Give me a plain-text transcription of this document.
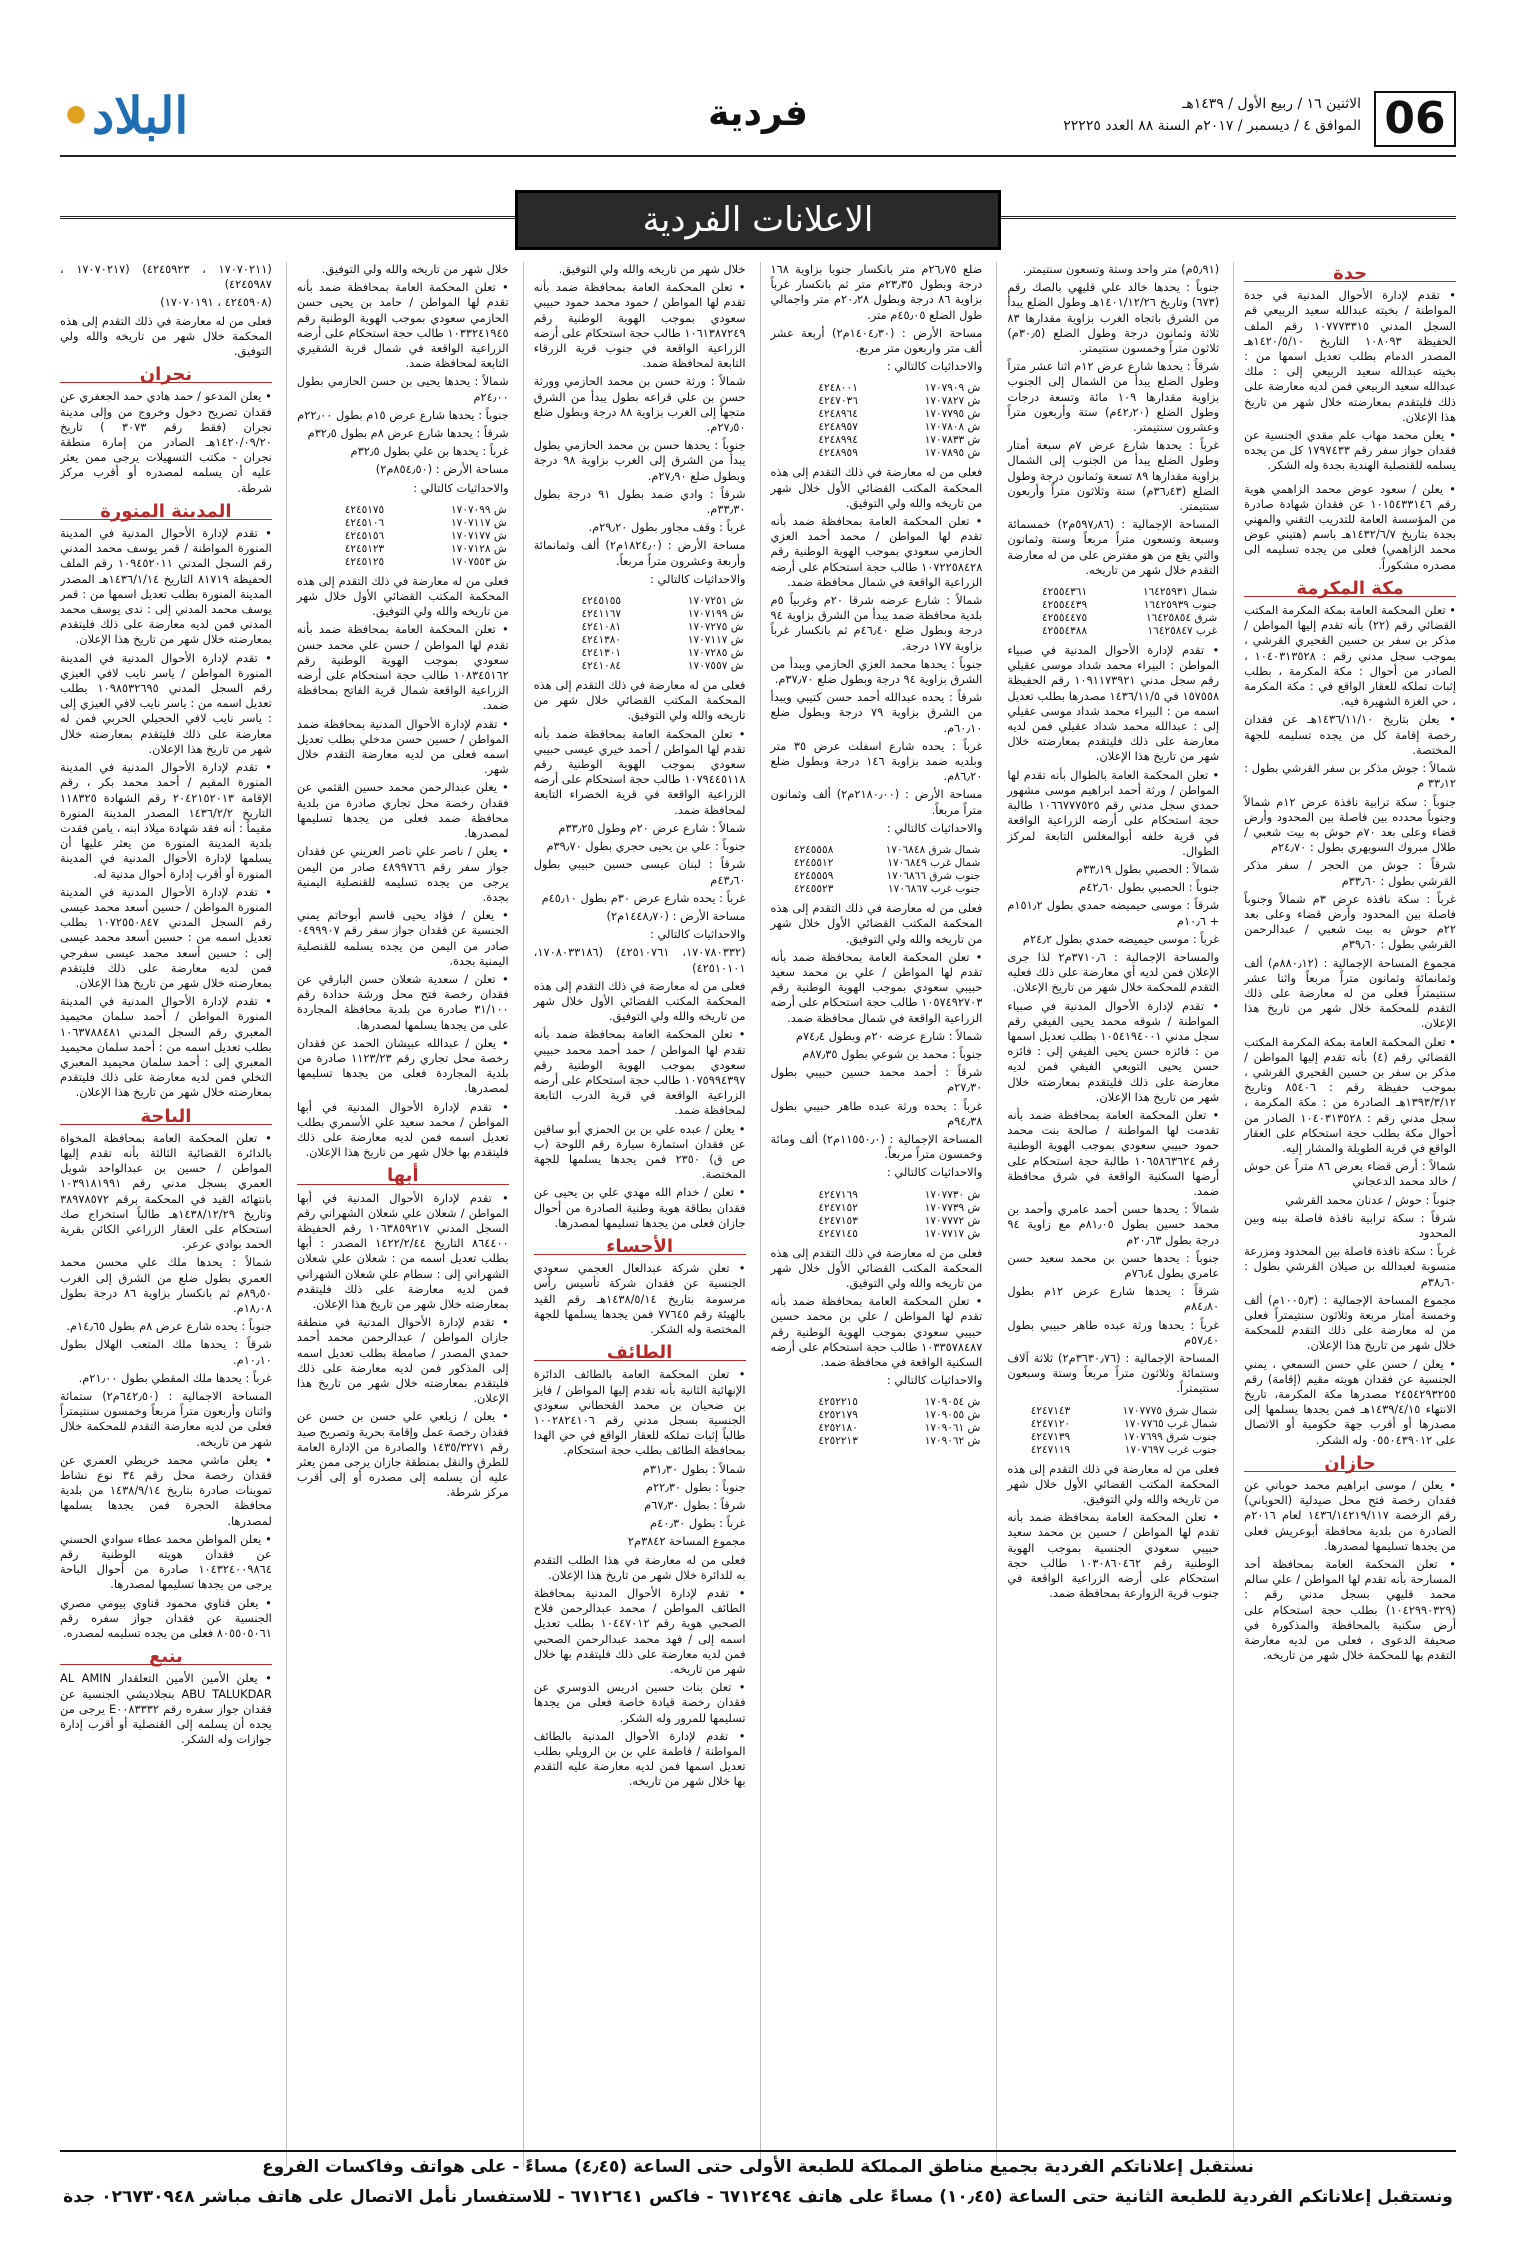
06
الاثنين ١٦ / ربيع الأول / ١٤٣٩هـ
الموافق ٤ / ديسمبر / ٢٠١٧م السنة ٨٨ العدد ٢٢٢٢٥
فردية
البلاد•
الاعلانات الفردية
جدة

• تقدم لإدارة الأحوال المدنية في جدة المواطنة / بخيته عبدالله سعيد الربيعي قم السجل المدني ١٠٧٧٧٣٣١٥ رقم الملف الحفيظة ١٠٨٠٩٣ التاريخ ١٤٢٠/٥/١٠هـ المصدر الدمام بطلب تعديل اسمها من : بخيته عبدالله سعيد الربيعي إلى : ملك عبدالله سعيد الربيعي فمن لديه معارضة على ذلك فليتقدم بمعارضته خلال شهر من تاريخ هذا الإعلان.

• يعلن محمد مهاب علم مقدي الجنسية عن فقدان جواز سفر رقم ١٧٩٧٤٣٣ كل من يجده يسلمه للقنصلية الهندية بجدة وله الشكر.

• يعلن / سعود عوض محمد الزاهمي هوية رقم ١٠١٥٤٣٣١٤٦ عن فقدان شهادة صادرة من المؤسسة العامة للتدريب التقني والمهني بجدة بتاريخ ١٤٣٢/٦/٧هـ باسم (هتيني عوض محمد الزاهمي) فعلى من يجده تسليمه الى مصدره مشكوراً.

مكة المكرمة

• تعلن المحكمة العامة بمكة المكرمة المكتب القضائي رقم (٢٢) بأنه تقدم إليها المواطن / مذكر بن سفر بن حسين القحيري القرشي ، بموجب سجل مدني رقم : ١٠٤٠٣١٣٥٢٨ ، الصادر من أحوال : مكة المكرمة ، بطلب إثبات تملكه للعقار الواقع في : مكة المكرمة ، حي الغزة الشهيرة فيه.

• يعلن بتاريخ ١٤٣٦/١١/١٠هـ عن فقدان رخصة إقامة كل من يجده تسليمه للجهة المختصة.

شمالاً : جوش مذكر بن سفر القرشي بطول : ٣٣٫١٢ م

جنوباً : سكة ترابية نافذة عرض ١٢م شمالاً وجنوباً محدده بين فاصلة بين المحدود وأرض قضاء وعلى بعد ٧٠م حوش به بيت شعبي / طلال مبروك السويهري بطول : ٢٤٫٧٠م

شرقاً : جوش من الحجر / سفر مذكر القرشي بطول : ٣٣٫٦٠م

غرباً : سكة نافذة عرض ٣م شمالاً وجنوباً فاصلة بين المحدود وأرض قضاء وعلى بعد ٢٢م حوش به بيت شعبي / عبدالرحمن القرشي بطول : ٣٩٫٦٠م

مجموع المساحة الإجمالية : (٨٨٠٫١٢م) ألف وثمانمائة وثمانون متراً مربعاً واثنا عشر سنتيمتراً فعلى من له معارضة على ذلك التقدم للمحكمة خلال شهر من تاريخ هذا الإعلان.

• تعلن المحكمة العامة بمكة المكرمة المكتب القضائي رقم (٤) بأنه تقدم إليها المواطن / مذكر بن سفر بن حسين القحيري القرشي ، بموجب حفيظة رقم : ٨٥٤٠٦ وتاريخ ١٣٩٣/٣/١٢هـ الصادرة من : مكة المكرمة ، سجل مدني رقم : ١٠٤٠٣١٣٥٢٨ الصادر من أحوال مكة بطلب حجة استحكام على العقار الواقع في قرية الطويلة والمشار إليه.

شمالاً : أرض قضاء بعرض ٨٦ متراً عن حوش / خالد محمد الدعجاني

جنوباً : حوش / عدنان محمد القرشي

شرقاً : سكة ترابية نافذة فاصلة بينه وبين المحدود

غرباً : سكة نافذة فاصلة بين المحدود ومزرعة منسوبة لعبدالله بن صيلان القرشي بطول : ٣٨٫٦٠م

مجموع المساحة الإجمالية : (١٠٠٥٫٣م) ألف وخمسة أمتار مربعة وثلاثون سنتيمتراً فعلى من له معارضة على ذلك التقدم للمحكمة خلال شهر من تاريخ هذا الإعلان.

• يعلن / حسن علي حسن السمعي ، يمني الجنسية عن فقدان هويته مقيم (إقامة) رقم ٢٤٥٤٢٩٣٢٥٥ مصدرها مكة المكرمة، تاريخ الانتهاء ١٤٣٩/٤/١٥هـ فمن يجدها يسلمها إلى مصدرها أو أقرب جهة حكومية أو الاتصال على ٠٥٥٠٤٣٩٠١٢ وله الشكر.

جازان

• يعلن / موسى ابراهيم محمد حوباني عن فقدان رخصة فتح محل صيدلية (الحوباني) رقم الرخصة ١٤٣٦/١٤٢١٩/١١٧ لعام ٢٠١٦م الصادرة من بلدية محافظة أبوعريش فعلى من يجدها تسليمها لمصدرها.

• تعلن المحكمة العامة بمحافظة أحد المسارحة بأنه تقدم لها المواطن / علي سالم محمد قليهي بسجل مدني رقم : (١٠٤٢٩٩٠٣٢٩) بطلب حجة استحكام على أرض سكنية بالمحافظة والمذكورة في صحيفة الدعوى ، فعلى من لديه معارضة التقدم بها للمحكمة خلال شهر من تاريخه.

(٥٫٩١م) متر واحد وستة وتسعون سنتيمتر.

جنوباً : يحدها خالد علي قليهي بالصك رقم (٦٧٣) وتاريخ ١٤٠١/١٢/٢٦هـ وطول الضلع يبدأ من الشرق باتجاه الغرب بزاوية مقدارها ٨٣ ثلاثة وثمانون درجة وطول الضلع (٣٠٫٥م) ثلاثون متراً وخمسون سنتيمتر.

شرقاً : يحدها شارع عرض ١٢م اثنا عشر متراً وطول الضلع يبدأ من الشمال إلى الجنوب بزاوية مقدارها ١٠٩ مائة وتسعة درجات وطول الضلع (٤٢٫٢٠م) ستة وأربعون متراً وعشرون سنتيمتر.

غرباً : يحدها شارع عرض ٧م سبعة أمتار وطول الضلع يبدأ من الجنوب إلى الشمال بزاوية مقدارها ٨٩ تسعة وثمانون درجة وطول الضلع (٣٦٫٤٣م) ستة وثلاثون متراً وأربعون سنتيمتر.

المساحة الإجمالية : (٥٩٧٫٨٦م٢) خمسمائة وسبعة وتسعون متراً مربعاً وستة وثمانون والتي يقع من هو مفترض على من له معارضة التقدم خلال شهر من تاريخه.

شمال ١٦٤٢٥٩٣١	٤٢٥٥٤٣٦١
جنوب ١٦٤٢٥٩٣٩	٤٢٥٥٤٤٣٩
شرق ١٦٤٢٥٨٥٤	٤٢٥٥٤٤٧٥
غرب ١٦٤٢٥٨٤٧	٤٢٥٥٤٣٨٨

• تقدم لإدارة الأحوال المدنية في صبياء المواطن : البيراء محمد شداد موسى عقيلي رقم سجل مدني ١٠٩١١٧٣٩٢١ رقم الحفيظة ١٥٧٥٥٨ في ١٤٣٦/١١/٥ مصدرها بطلب تعديل اسمه من : البيراء محمد شداد موسى عقيلي إلى : عبدالله محمد شداد عقيلي فمن لديه معارضة على ذلك فليتقدم بمعارضته خلال شهر من تاريخ هذا الإعلان.

• تعلن المحكمة العامة بالطوال بأنه تقدم لها المواطن / ورثة أحمد ابراهيم موسى مشهور حمدي سجل مدني رقم ١٠٦٦٧٧٧٥٢٥ طالبة حجة استحكام على أرضه الزراعية الواقعة في قرية خلفه أبوالمغلس التابعة لمركز الطوال.

شمالاً : الحصبي بطول ٣٣٫١٩م

جنوباً : الحصبي بطول ٤٢٫٦٠م

شرقاً : موسى حيميضه حمدي بطول ١٥١٫٢م + ١٠٫٦م

غرباً : موسى حيميضه حمدي بطول ٢٤٫٢م

والمساحة الإجمالية : ٣٧١٠٫٦م٢ لذا جرى الإعلان فمن لديه أي معارضة على ذلك فعليه التقدم للمحكمة خلال شهر من تاريخ الإعلان.

• تقدم لإدارة الأحوال المدنية في صبياء المواطنة / شوقه محمد يحيى الفيفي رقم سجل مدني ١٠٥٤١٩٤٠٠١ بطلب تعديل اسمها من : فائزه حسن يحيى الفيفي إلى : فائزه حسن يحيى التويعي الفيفي فمن لديه معارضة على ذلك فليتقدم بمعارضته خلال شهر من تاريخ هذا الإعلان.

• تعلن المحكمة العامة بمحافظة ضمد بأنه تقدمت لها المواطنة / صالحة بنت محمد حمود حبيبي سعودي بموجب الهوية الوطنية رقم ١٠٦٥٨٦٣٦٢٤ طالبة حجة استحكام على أرضها السكنية الواقعة في شرق محافظة ضمد.

شمالاً : يحدها حسن أحمد عامري وأحمد بن محمد حسين بطول ٨١٫٠٥م مع زاوية ٩٤ درجة بطول ٢٠٫٦٣م

جنوباً : يحدها حسن بن محمد سعيد حسن عامري بطول ٧٦٫٤م

شرقاً : يحدها شارع عرض ١٢م بطول ٨٤٫٨٠م

غرباً : يحدها ورثة عبده طاهر حبيبي بطول ٥٧٫٤٠م

المساحة الإجمالية : (٣٦٣٠٫٧٦م٢) ثلاثة آلاف وستمائة وثلاثون متراً مربعاً وستة وسبعون سنتيمتراً.

شمال شرق ١٧٠٧٧٧٥	٤٢٤٧١٤٣
شمال غرب ١٧٠٧٧٦٥	٤٢٤٧١٢٠
جنوب شرق ١٧٠٧٦٩٩	٤٢٤٧١٣٩
جنوب غرب ١٧٠٧٦٩٧	٤٢٤٧١١٩

فعلى من له معارضة في ذلك التقدم إلى هذه المحكمة المكتب القضائي الأول خلال شهر من تاريخه والله ولي التوفيق.

• تعلن المحكمة العامة بمحافظة ضمد بأنه تقدم لها المواطن / حسين بن محمد سعيد حبيبي سعودي الجنسية بموجب الهوية الوطنية رقم ١٠٣٠٨٦٠٤٦٢ طالب حجة استحكام على أرضه الزراعية الواقعة في جنوب قرية الزوارعة بمحافظة ضمد.

ضلع ٢٦٫٧٥م متر بانكسار جنوبا بزاوية ١٦٨ درجة وبطول ٢٣٫٣٥م متر ثم بانكسار غرباً بزاوية ٨٦ درجة وبطول ٢٠٫٢٨م متر واجمالي طول الضلع ٤٥٫٠٥م متر.

مساحة الأرض : (١٤٠٤٫٣٠م٢) أربعة عشر ألف متر واربعون متر مربع.

والاحداثيات كالتالي :

ش ١٧٠٧٩٠٩	٤٢٤٨٠٠١
ش ١٧٠٧٨٢٧	٤٢٤٧٠٣٦
ش ١٧٠٧٧٩٥	٤٢٤٨٩٦٤
ش ١٧٠٧٨٠٨	٤٢٤٨٩٥٧
ش ١٧٠٧٨٣٣	٤٢٤٨٩٩٤
ش ١٧٠٧٨٩٥	٤٢٤٨٩٥٩

فعلى من له معارضة في ذلك التقدم إلى هذه المحكمة المكتب القضائي الأول خلال شهر من تاريخه والله ولي التوفيق.

• تعلن المحكمة العامة بمحافظة ضمد بأنه تقدم لها المواطن / محمد أحمد العزي الحازمي سعودي بموجب الهوية الوطنية رقم ١٠٧٢٢٥٨٤٢٨ طالب حجة استحكام على أرضه الزراعية الواقعة في شمال محافظة ضمد.

شمالاً : شارع عرضه شرقا ٢٠م وغربياً ٥م بلدية محافظة ضمد يبدأ من الشرق بزاوية ٩٤ درجة وبطول ضلع ٤٦٫٤٠م ثم بانكسار غرباً بزاوية ١٧٧ درجة.

جنوباً : يحدها محمد العزي الحازمي ويبدأ من الشرق بزاوية ٩٤ درجة وبطول ضلع ٣٧٫٧٠م.

شرقاً : يحده عبدالله أحمد حسن كتيبي ويبدأ من الشرق بزاوية ٧٩ درجة وبطول ضلع ٦٠٫١٠م.

غرباً : يحده شارع اسفلت عرض ٣٥ متر وبلديه ضمد بزاوية ١٤٦ درجة وبطول ضلع ٨٦٫٢٠م.

مساحة الأرض : (٢١٨٠٫٠٠م٢) ألف وثمانون متراً مربعاً.

والاحداثيات كالتالي :

شمال شرق ١٧٠٦٨٤٨	٤٢٤٥٥٥٨
شمال غرب ١٧٠٦٨٤٩	٤٢٤٥٥١٢
جنوب شرق ١٧٠٦٨٦٦	٤٢٤٥٥٥٩
جنوب غرب ١٧٠٦٨٦٧	٤٢٤٥٥٢٣

فعلى من له معارضة في ذلك التقدم إلى هذه المحكمة المكتب القضائي الأول خلال شهر من تاريخه والله ولي التوفيق.

• تعلن المحكمة العامة بمحافظة ضمد بأنه تقدم لها المواطن / علي بن محمد سعيد حبيبي سعودي بموجب الهوية الوطنية رقم ١٠٥٧٤٩٢٧٠٣ طالب حجة استحكام على أرضه الزراعية الواقعة في شمال محافظة ضمد.

شمالاً : شارع عرضه ٢٠م وبطول ٧٤٫٤م

جنوباً : محمد بن شوعي بطول ٨٧٫٣٥م

شرقاً : أحمد محمد حسين حبيبي بطول ٢٧٫٣٠م

غرباً : يحده ورثة عبده طاهر حبيبي بطول ٩٤٫٣٨م

المساحة الإجمالية : (١١٥٥٠٫٠م٢) ألف ومائة وخمسون متراً مربعاً.

والاحداثيات كالتالي :

ش ١٧٠٧٧٣٠	٤٢٤٧١٦٩
ش ١٧٠٧٧٣٩	٤٢٤٧١٥٢
ش ١٧٠٧٧٧٢	٤٢٤٧١٥٣
ش ١٧٠٧٧١٧	٤٢٤٧١٤٥

فعلى من له معارضة في ذلك التقدم إلى هذه المحكمة المكتب القضائي الأول خلال شهر من تاريخه والله ولي التوفيق.

• تعلن المحكمة العامة بمحافظة ضمد بأنه تقدم لها المواطن / علي بن محمد حسين حبيبي سعودي بموجب الهوية الوطنية رقم ١٠٣٣٥٧٨٤٨٧ طالب حجة استحكام على أرضه السكنية الواقعة في محافظة ضمد.

والاحداثيات كالتالي :

ش ١٧٠٩٠٥٤	٤٢٥٢٢١٥
ش ١٧٠٩٠٥٥	٤٢٥٢١٧٩
ش ١٧٠٩٠٦١	٤٢٥٢١٨٠
ش ١٧٠٩٠٦٢	٤٢٥٢٢١٣

خلال شهر من تاريخه والله ولي التوفيق.

• تعلن المحكمة العامة بمحافظة ضمد بأنه تقدم لها المواطن / حمود محمد حمود حبيبي سعودي بموجب الهوية الوطنية رقم ١٠٦١٣٨٧٢٤٩ طالب حجة استحكام على أرضه الزراعية الواقعة في جنوب قرية الزرقاء التابعة لمحافظة ضمد.

شمالاً : ورثة حسن بن محمد الحازمي وورثة حسن بن علي قراعه بطول يبدأ من الشرق متجهاً إلى الغرب بزاوية ٨٨ درجة وبطول ضلع ٢٧٫٥٠م.

جنوباً : يحدها حسن بن محمد الحازمي بطول يبدأ من الشرق إلى الغرب بزاوية ٩٨ درجة وبطول ضلع ٢٧٫٩٠م.

شرقاً : وادي ضمد بطول ٩١ درجة بطول ٣٣٫٣٠م.

غرباً : وقف مجاور بطول ٢٩٫٢٠م.

مساحة الأرض : (١٨٢٤٫٠م٢) ألف وثمانمائة وأربعة وعشرون متراً مربعاً.

والاحداثيات كالتالي :

ش ١٧٠٧٢٥١	٤٢٤٥١٥٥
ش ١٧٠٧١٩٩	٤٢٤١١٦٧
ش ١٧٠٧٢٧٥	٤٢٤١٠٨١
ش ١٧٠٧١١٧	٤٢٤١٣٨٠
ش ١٧٠٧٢٨٥	٤٢٤١٣٠١
ش ١٧٠٧٥٥٧	٤٢٤١٠٨٤

فعلى من له معارضة في ذلك التقدم إلى هذه المحكمة المكتب القضائي خلال شهر من تاريخه والله ولي التوفيق.

• تعلن المحكمة العامة بمحافظة ضمد بأنه تقدم لها المواطن / أحمد خيري عيسى حبيبي سعودي بموجب الهوية الوطنية رقم ١٠٧٩٤٤٥١١٨ طالب حجة استحكام على أرضه الزراعية الواقعة في قرية الخضراء التابعة لمحافظة ضمد.

شمالاً : شارع عرض ٢٠م وطول ٣٣٫٢٥م

جنوباً : علي بن يحيى حجري بطول ٣٩٫٧٠م

شرقاً : لبنان عيسى حسين حبيبي بطول ٤٣٫٦٠م

غرباً : يحده شارع عرض ٣٠م بطول ٤٥٫١٠م

مساحة الأرض : (١٤٤٨٫٧٠م٢)

والاحداثيات كالتالي :

(١٧٠٧٨٠٣٣٢، ٤٢٥١٠٧٦١) (١٧٠٨٠٣٣١٨٦، ٤٢٥١٠١٠١)

فعلى من له معارضة في ذلك التقدم إلى هذه المحكمة المكتب القضائي الأول خلال شهر من تاريخه والله ولي التوفيق.

• تعلن المحكمة العامة بمحافظة ضمد بأنه تقدم لها المواطن / حمد أحمد محمد حبيبي سعودي بموجب الهوية الوطنية رقم ١٠٧٥٩٩٤٣٩٧ طالب حجة استحكام على أرضه الزراعية الواقعة في قرية الدرب التابعة لمحافظة ضمد.

• يعلن / عبده علي بن بن الحمزي أبو ساقين عن فقدان استمارة سيارة رقم اللوحة (ب ص ق) ٢٣٥٠ فمن يجدها يسلمها للجهة المختصة.

• تعلن / خدام الله مهدي علي بن يحيى عن فقدان بطاقة هوية وطنية الصادرة من أحوال جازان فعلى من يجدها تسليمها لمصدرها.

الأحساء

• تعلن شركة عبدالعال العجمي سعودي الجنسية عن فقدان شركة تأسيس رأس مرسومة بتاريخ ١٤٣٨/٥/١٤هـ رقم القيد بالهيئة رقم ٧٧٦٤٥ فمن يجدها يسلمها للجهة المختصة وله الشكر.

الطائف

• تعلن المحكمة العامة بالطائف الدائرة الإنهائية الثانية بأنه تقدم إليها المواطن / فايز بن ضحيان بن محمد القحطاني سعودي الجنسية بسجل مدني رقم ١٠٠٢٨٢٤١٠٦ طالباً إثبات تملكه للعقار الواقع في حي الهدا بمحافظة الطائف بطلب حجة استحكام.

شمالاً : بطول ٣١٫٣٠م

جنوباً : بطول ٢٢٫٣٠م

شرقاً : بطول ٦٧٫٣٠م

غرباً : بطول ٤٠٫٣٠م

مجموع المساحة ٣٨٤٢م٢

فعلى من له معارضة في هذا الطلب التقدم به للدائرة خلال شهر من تاريخ هذا الإعلان.

• تقدم لإدارة الأحوال المدنية بمحافظة الطائف المواطن / محمد عبدالرحمن فلاح الصحبي هوية رقم ١٠٤٤٧٠١٢ بطلب تعديل اسمه إلى / فهد محمد عبدالرحمن الصحبي فمن لديه معارضة على ذلك فليتقدم بها خلال شهر من تاريخه.

• تعلن بنات حسين ادريس الدوسري عن فقدان رخصة قيادة خاصة فعلى من يجدها تسليمها للمرور وله الشكر.

• تقدم لإدارة الأحوال المدنية بالطائف المواطنة / فاطمة علي بن بن الرويلي بطلب تعديل اسمها فمن لديه معارضة عليه التقدم بها خلال شهر من تاريخه.

خلال شهر من تاريخه والله ولي التوفيق.

• تعلن المحكمة العامة بمحافظة ضمد بأنه تقدم لها المواطن / حامد بن يحيى حسن الحازمي سعودي بموجب الهوية الوطنية رقم ١٠٣٣٢٤١٩٤٥ طالب حجة استحكام على أرضه الزراعية الواقعة في شمال قرية الشقيري التابعة لمحافظة ضمد.

شمالاً : يحدها يحيى بن حسن الحازمي بطول ٢٤٫٠٠م

جنوباً : يحدها شارع عرض ١٥م بطول ٢٢٫٠٠م

شرقاً : يحدها شارع عرض ٨م بطول ٣٢٫٥م

غرباً : يحدها بن علي بطول ٣٢٫٥م

مساحة الأرض : (٨٥٤٫٥٠م٢)

والاحداثيات كالتالي :

ش ١٧٠٧٠٩٩	٤٢٤٥١٧٥
ش ١٧٠٧١١٧	٤٢٤٥١٠٦
ش ١٧٠٧١٧٧	٤٢٤٥١٥٦
ش ١٧٠٧١٢٨	٤٢٤٥١٢٣
ش ١٧٠٧٥٥٣	٤٢٤٥١٢٥

فعلى من له معارضة في ذلك التقدم إلى هذه المحكمة المكتب القضائي الأول خلال شهر من تاريخه والله ولي التوفيق.

• تعلن المحكمة العامة بمحافظة ضمد بأنه تقدم لها المواطن / حسن علي محمد حسن سعودي بموجب الهوية الوطنية رقم ١٠٨٣٤٥١٦٢ طالب حجة استحكام على أرضه الزراعية الواقعة شمال قرية الفاتح بمحافظة ضمد.

• تقدم لإدارة الأحوال المدنية بمحافظة ضمد المواطن / حسين حسن مدخلي بطلب تعديل اسمه فعلى من لديه معارضة التقدم خلال شهر.

• يعلن عبدالرحمن محمد حسين القثمي عن فقدان رخصة محل تجاري صادرة من بلدية محافظة ضمد فعلى من يجدها تسليمها لمصدرها.

• يعلن / ناصر علي ناصر العريني عن فقدان جواز سفر رقم ٤٨٩٩٧٦٦ صادر من اليمن يرجى من يجده تسليمه للقنصلية اليمنية بجدة.

• يعلن / فؤاد يحيى قاسم أبوحاتم يمني الجنسية عن فقدان جواز سفر رقم ٠٤٩٩٩٠٧ صادر من اليمن من يجده يسلمه للقنصلية اليمنية بجدة.

• تعلن / سعدية شعلان حسن البارقي عن فقدان رخصة فتح محل ورشة حدادة رقم ٣١/١٠٠ صادرة من بلدية محافظة المجاردة على من يجدها يسلمها لمصدرها.

• يعلن / عبدالله عبيشان الحمد عن فقدان رخصة محل تجاري رقم ١١٢٣/٢٣ صادرة من بلدية المجاردة فعلى من يجدها تسليمها لمصدرها.

• تقدم لإدارة الأحوال المدنية في أبها المواطن / محمد سعيد علي الأسمري بطلب تعديل اسمه فمن لديه معارضة على ذلك فليتقدم بها خلال شهر من تاريخ هذا الإعلان.

أبها

• تقدم لإدارة الأحوال المدنية في أبها المواطن / شعلان علي شعلان الشهراني رقم السجل المدني ١٠٦٣٨٥٩٢١٧ رقم الحفيظة ٨٦٤٤٠٠ التاريخ ١٤٢٢/٢/٤٤ المصدر : أبها بطلب تعديل اسمه من : شعلان علي شعلان الشهراني إلى : سطام علي شعلان الشهراني فمن لديه معارضة على ذلك فليتقدم بمعارضته خلال شهر من تاريخ هذا الإعلان.

• تقدم لإدارة الأحوال المدنية في منطقة جازان المواطن / عبدالرحمن محمد أحمد حمدي المصدر / صامطة بطلب تعديل اسمه إلى المذكور فمن لديه معارضة على ذلك فليتقدم بمعارضته خلال شهر من تاريخ هذا الإعلان.

• يعلن / زيلعي علي حسن بن حسن عن فقدان رخصة عمل وإقامة بحرية وتصريح صيد رقم ١٤٣٥/٣٢٧١ والصادرة من الإدارة العامة للطرق والنقل بمنطقة جازان يرجى ممن يعثر عليه أن يسلمه إلى مصدره أو إلى أقرب مركز شرطة.

(١٧٠٧٠٢١١ ، ٤٢٤٥٩٢٣) (١٧٠٧٠٢١٧ ، ٤٢٤٥٩٨٧)

(٤٢٤٥٩٠٨ ، ١٧٠٧٠١٩١)

فعلى من له معارضة في ذلك التقدم إلى هذه المحكمة خلال شهر من تاريخه والله ولي التوفيق.

نجران

• يعلن المدعو / حمد هادي حمد الجعفري عن فقدان تصريح دخول وخروج من وإلى مدينة نجران (فقط رقم ٣٠٧٣ ) تاريخ ١٤٢٠/٠٩/٢٠هـ الصادر من إمارة منطقة نجران - مكتب التسهيلات يرجى ممن يعثر عليه أن يسلمه لمصدره أو أقرب مركز شرطة.

المدينة المنورة

• تقدم لإدارة الأحوال المدنية في المدينة المنورة المواطنة / قمر يوسف محمد المدني رقم السجل المدني ١٠٩٤٥٢٠١١ رقم الملف الحفيظة ٨١٧١٩ التاريخ ١٤٣٦/١/١٤هـ المصدر المدينة المنورة بطلب تعديل اسمها من : قمر يوسف محمد المدني إلى : ندى يوسف محمد المدني فمن لديه معارضة على ذلك فليتقدم بمعارضته خلال شهر من تاريخ هذا الإعلان.

• تقدم لإدارة الأحوال المدنية في المدينة المنورة المواطن / ياسر نايب لافي العيزي رقم السجل المدني ١٠٩٨٥٣٢٦٩٥ بطلب تعديل اسمه من : ياسر نايب لافي العيزي إلى : ياسر نايب لافي الحجيلي الحربي فمن له معارضة على ذلك فليتقدم بمعارضته خلال شهر من تاريخ هذا الإعلان.

• تقدم لإدارة الأحوال المدنية في المدينة المنورة المقيم / أحمد محمد بكر ، رقم الإقامة ٢٠٤٢١٥٢٠١٣ رقم الشهادة ١١٨٣٢٥ التاريخ ١٤٣٦/٢/٢ المصدر المدينة المنورة مقيماً : أنه فقد شهادة ميلاد ابنه ، يامن فقدت بلدية المدينة المنورة من يعثر عليها أن يسلمها لإدارة الأحوال المدنية في المدينة المنورة أو أقرب إدارة أحوال مدنية له.

• تقدم لإدارة الأحوال المدنية في المدينة المنورة المواطن / حسين أسعد محمد عيسى رقم السجل المدني ١٠٧٢٥٥٠٨٤٧ بطلب تعديل اسمه من : حسين أسعد محمد عيسى إلى : حسين أسعد محمد عيسى سفرجي فمن لديه معارضة على ذلك فليتقدم بمعارضته خلال شهر من تاريخ هذا الإعلان.

• تقدم لإدارة الأحوال المدنية في المدينة المنورة المواطن / أحمد سلمان محيميد المعبري رقم السجل المدني ١٠٦٣٧٨٨٤٨١ بطلب تعديل اسمه من : أحمد سلمان محيميد المعبري إلى : أحمد سلمان محيميد المعبري التخلي فمن لديه معارضة على ذلك فليتقدم بمعارضته خلال شهر من تاريخ هذا الإعلان.

الباحة

• تعلن المحكمة العامة بمحافظة المخواة بالدائرة القضائية الثالثة بأنه تقدم إليها المواطن / حسين بن عبدالواحد شويل العمري بسجل مدني رقم ١٠٣٩١٨١٩٩١ بانتهائه القيد في المحكمة برقم ٣٨٩٧٨٥٧٢ وتاريخ ١٤٣٨/١٢/٢٩هـ طالباً استخراج صك استحكام على العقار الزراعي الكائن بقرية الحمد بوادي عرعر.

شمالاً : يحدها ملك علي محسن محمد العمري بطول ضلع من الشرق إلى الغرب ٨٩٫٥٠م ثم بانكسار بزاوية ٨٦ درجة بطول ١٨٫٠٨م.

جنوباً : يحده شارع عرض ٨م بطول ١٤٫٦٥م.

شرقاً : يحدها ملك المتعب الهلال بطول ١٠٫١٠م.

غرباً : يحدها ملك المقطي بطول ٢١٫٠٠م.

المساحة الاجمالية : (٦٤٢٫٥٠م٢) ستمائة واثنان وأربعون متراً مربعاً وخمسون سنتيمتراً فعلى من لديه معارضة التقدم للمحكمة خلال شهر من تاريخه.

• يعلن ماشي محمد خريطي العمري عن فقدان رخصة محل رقم ٣٤ نوع نشاط تموينات صادرة بتاريخ ١٤٣٨/٩/١٤ من بلدية محافظة الحجرة فمن يجدها يسلمها لمصدرها.

• يعلن المواطن محمد عطاء سوادي الحسني عن فقدان هويته الوطنية رقم ١٠٤٣٢٤٠٠٩٨٦٤ صادرة من أحوال الباحة يرجى من يجدها تسليمها لمصدرها.

• يعلن قناوي محمود قناوي بيومي مصري الجنسية عن فقدان جواز سفره رقم ٨٠٥٥٠٥٠٦١ فعلى من يجده تسليمه لمصدره.

ينبع

• يعلن الأمين الأمين التعلقدار AL AMIN ABU TALUKDAR بنجلاديشي الجنسية عن فقدان جواز سفره رقم E٠٠٨٣٣٣٢ يرجى من يجده أن يسلمه إلى القنصلية أو أقرب إدارة جوازات وله الشكر.

نستقبل إعلاناتكم الفردية بجميع مناطق المملكة للطبعة الأولى حتى الساعة (٤٫٤٥) مساءً - على هواتف وفاكسات الفروع
ونستقبل إعلاناتكم الفردية للطبعة الثانية حتى الساعة (١٠٫٤٥) مساءً على هاتف ٦٧١٢٤٩٤ - فاكس ٦٧١٢٦٤١ - للاستفسار نأمل الاتصال على هاتف مباشر ٠٢٦٧٣٠٩٤٨ جدة
